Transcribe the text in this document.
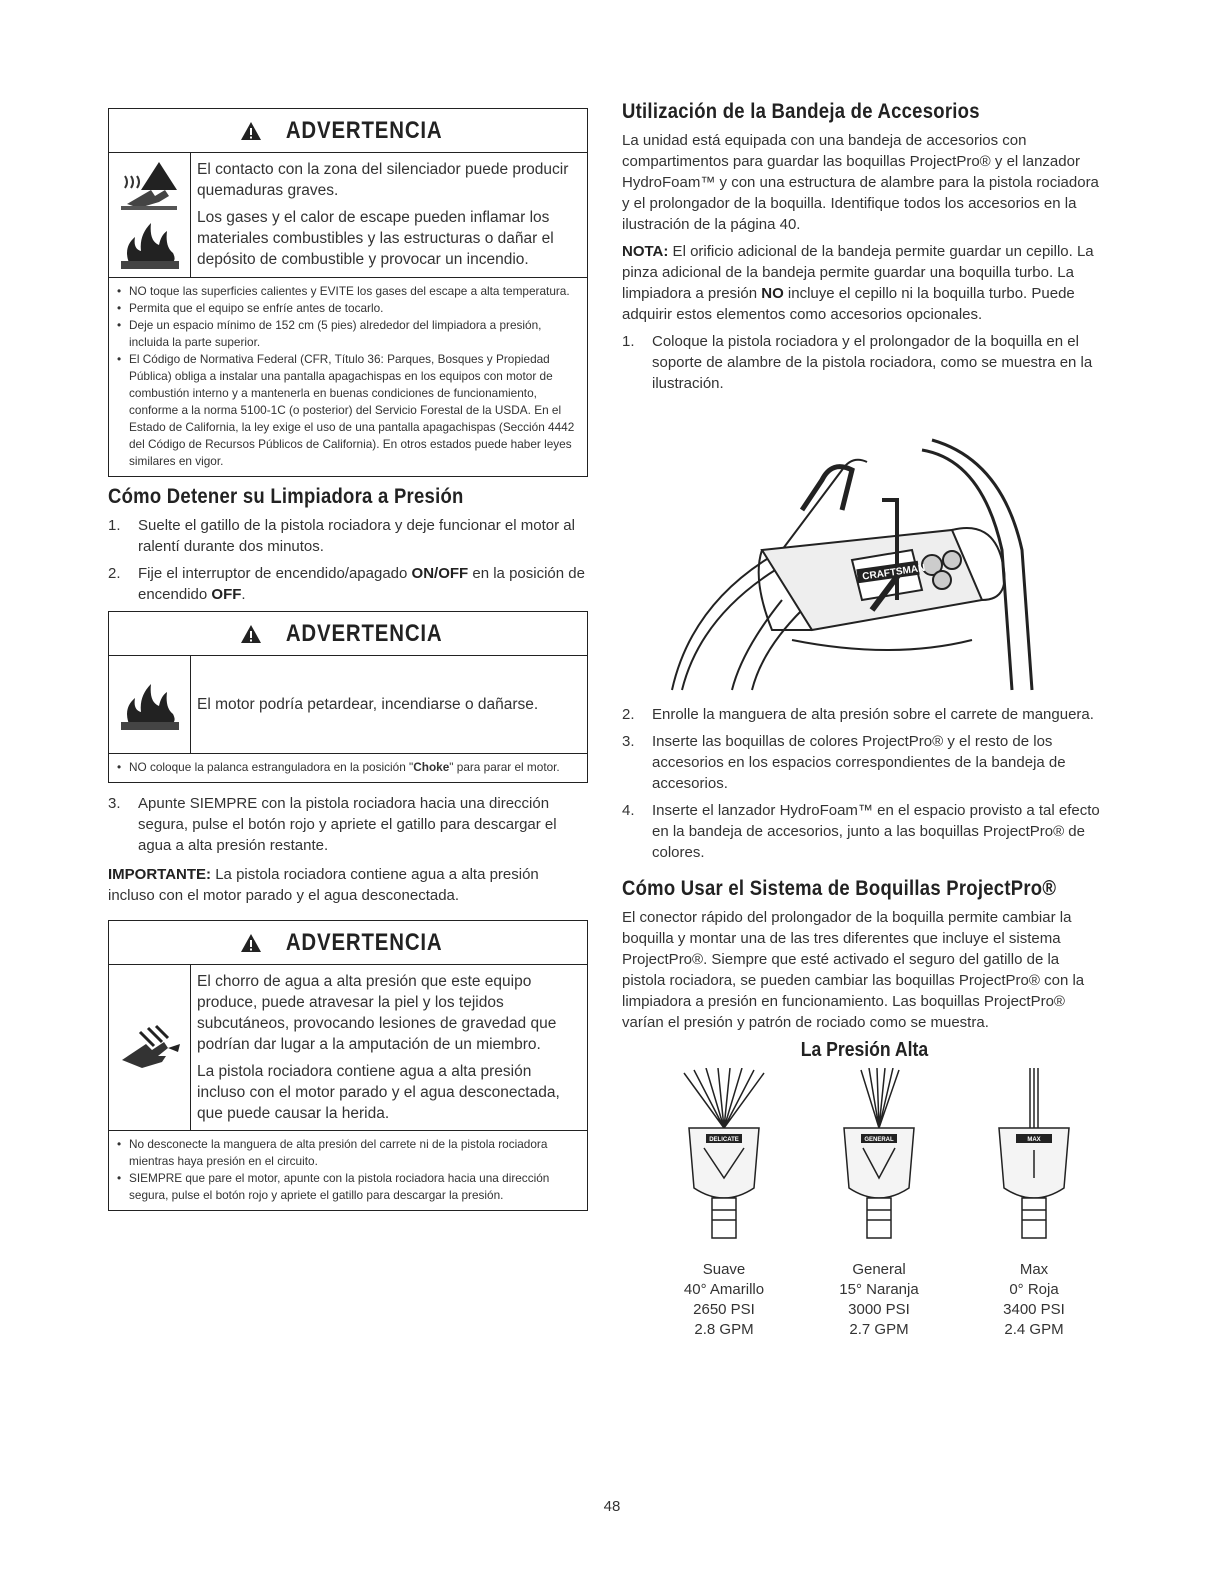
ADVERTENCIA

El contacto con la zona del silenciador puede producir quemaduras graves.

Los gases y el calor de escape pueden inflamar los materiales combustibles y las estructuras o dañar el depósito de combustible y provocar un incendio.

• NO toque las superficies calientes y EVITE los gases del escape a alta temperatura.
• Permita que el equipo se enfríe antes de tocarlo.
• Deje un espacio mínimo de 152 cm (5 pies) alrededor del limpiadora a presión, incluida la parte superior.
• El Código de Normativa Federal (CFR, Título 36: Parques, Bosques y Propiedad Pública) obliga a instalar una pantalla apagachispas en los equipos con motor de combustión interno y a mantenerla en buenas condiciones de funcionamiento, conforme a la norma 5100-1C (o posterior) del Servicio Forestal de la USDA. En el Estado de California, la ley exige el uso de una pantalla apagachispas (Sección 4442 del Código de Recursos Públicos de California). En otros estados puede haber leyes similares en vigor.
Cómo Detener su Limpiadora a Presión
1. Suelte el gatillo de la pistola rociadora y deje funcionar el motor al ralentí durante dos minutos.
2. Fije el interruptor de encendido/apagado ON/OFF en la posición de encendido OFF.
ADVERTENCIA

El motor podría petardear, incendiarse o dañarse.

• NO coloque la palanca estranguladora en la posición "Choke" para parar el motor.
3. Apunte SIEMPRE con la pistola rociadora hacia una dirección segura, pulse el botón rojo y apriete el gatillo para descargar el agua a alta presión restante.

IMPORTANTE: La pistola rociadora contiene agua a alta presión incluso con el motor parado y el agua desconectada.

ADVERTENCIA

El chorro de agua a alta presión que este equipo produce, puede atravesar la piel y los tejidos subcutáneos, provocando lesiones de gravedad que podrían dar lugar a la amputación de un miembro.

La pistola rociadora contiene agua a alta presión incluso con el motor parado y el agua desconectada, que puede causar la herida.

• No desconecte la manguera de alta presión del carrete ni de la pistola rociadora mientras haya presión en el circuito.
• SIEMPRE que pare el motor, apunte con la pistola rociadora hacia una dirección segura, pulse el botón rojo y apriete el gatillo para descargar la presión.
Utilización de la Bandeja de Accesorios

La unidad está equipada con una bandeja de accesorios con compartimentos para guardar las boquillas ProjectPro® y el lanzador HydroFoam™ y con una estructura de alambre para la pistola rociadora y el prolongador de la boquilla. Identifique todos los accesorios en la ilustración de la página 40.

NOTA: El orificio adicional de la bandeja permite guardar un cepillo. La pinza adicional de la bandeja permite guardar una boquilla turbo. La limpiadora a presión NO incluye el cepillo ni la boquilla turbo. Puede adquirir estos elementos como accesorios opcionales.

1. Coloque la pistola rociadora y el prolongador de la boquilla en el soporte de alambre de la pistola rociadora, como se muestra en la ilustración.
CRAFTSMAN
2. Enrolle la manguera de alta presión sobre el carrete de manguera.
3. Inserte las boquillas de colores ProjectPro® y el resto de los accesorios en los espacios correspondientes de la bandeja de accesorios.
4. Inserte el lanzador HydroFoam™ en el espacio provisto a tal efecto en la bandeja de accesorios, junto a las boquillas ProjectPro® de colores.
Cómo Usar el Sistema de Boquillas ProjectPro®

El conector rápido del prolongador de la boquilla permite cambiar la boquilla y montar una de las tres diferentes que incluye el sistema ProjectPro®. Siempre que esté activado el seguro del gatillo de la pistola rociadora, se pueden cambiar las boquillas ProjectPro® con la limpiadora a presión en funcionamiento. Las boquillas ProjectPro® varían el presión y patrón de rociado como se muestra.

La Presión Alta
DELICATE
Suave
40° Amarillo
2650 PSI
2.8 GPM
GENERAL
General
15° Naranja
3000 PSI
2.7 GPM
MAX
Max
0° Roja
3400 PSI
2.4 GPM
48
